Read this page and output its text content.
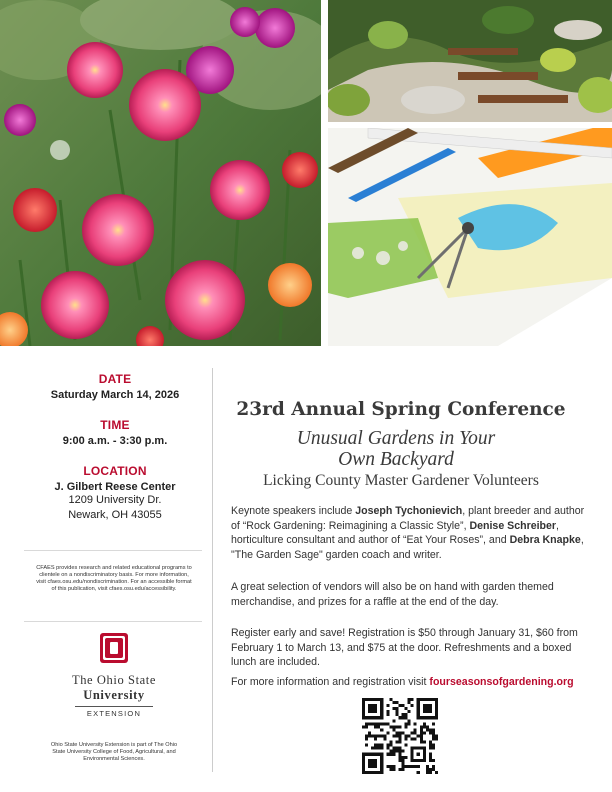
DATE
Saturday March 14, 2026
TIME
9:00 a.m. - 3:30 p.m.
LOCATION
J. Gilbert Reese Center
1209 University Dr.
Newark, OH 43055
CFAES provides research and related educational programs to clientele on a nondiscriminatory basis. For more information, visit cfaes.osu.edu/nondiscrimination. For an accessible format of this publication, visit cfaes.osu.edu/accessibility.
The Ohio State
University
EXTENSION
Ohio State University Extension is part of The Ohio State University College of Food, Agricultural, and Environmental Sciences.
23rd Annual Spring Conference
Unusual Gardens in Your
Own Backyard
Licking County Master Gardener Volunteers

Keynote speakers include Joseph Tychonievich, plant breeder and author of “Rock Gardening: Reimagining a Classic Style”, Denise Schreiber, horticulture consultant and author of “Eat Your Roses”, and Debra Knapke, "The Garden Sage" garden coach and writer.

A great selection of vendors will also be on hand with garden themed merchandise, and prizes for a raffle at the end of the day.

Register early and save! Registration is $50 through January 31, $60 from February 1 to March 13, and $75 at the door. Refreshments and a boxed lunch are included.

For more information and registration visit fourseasonsofgardening.org
